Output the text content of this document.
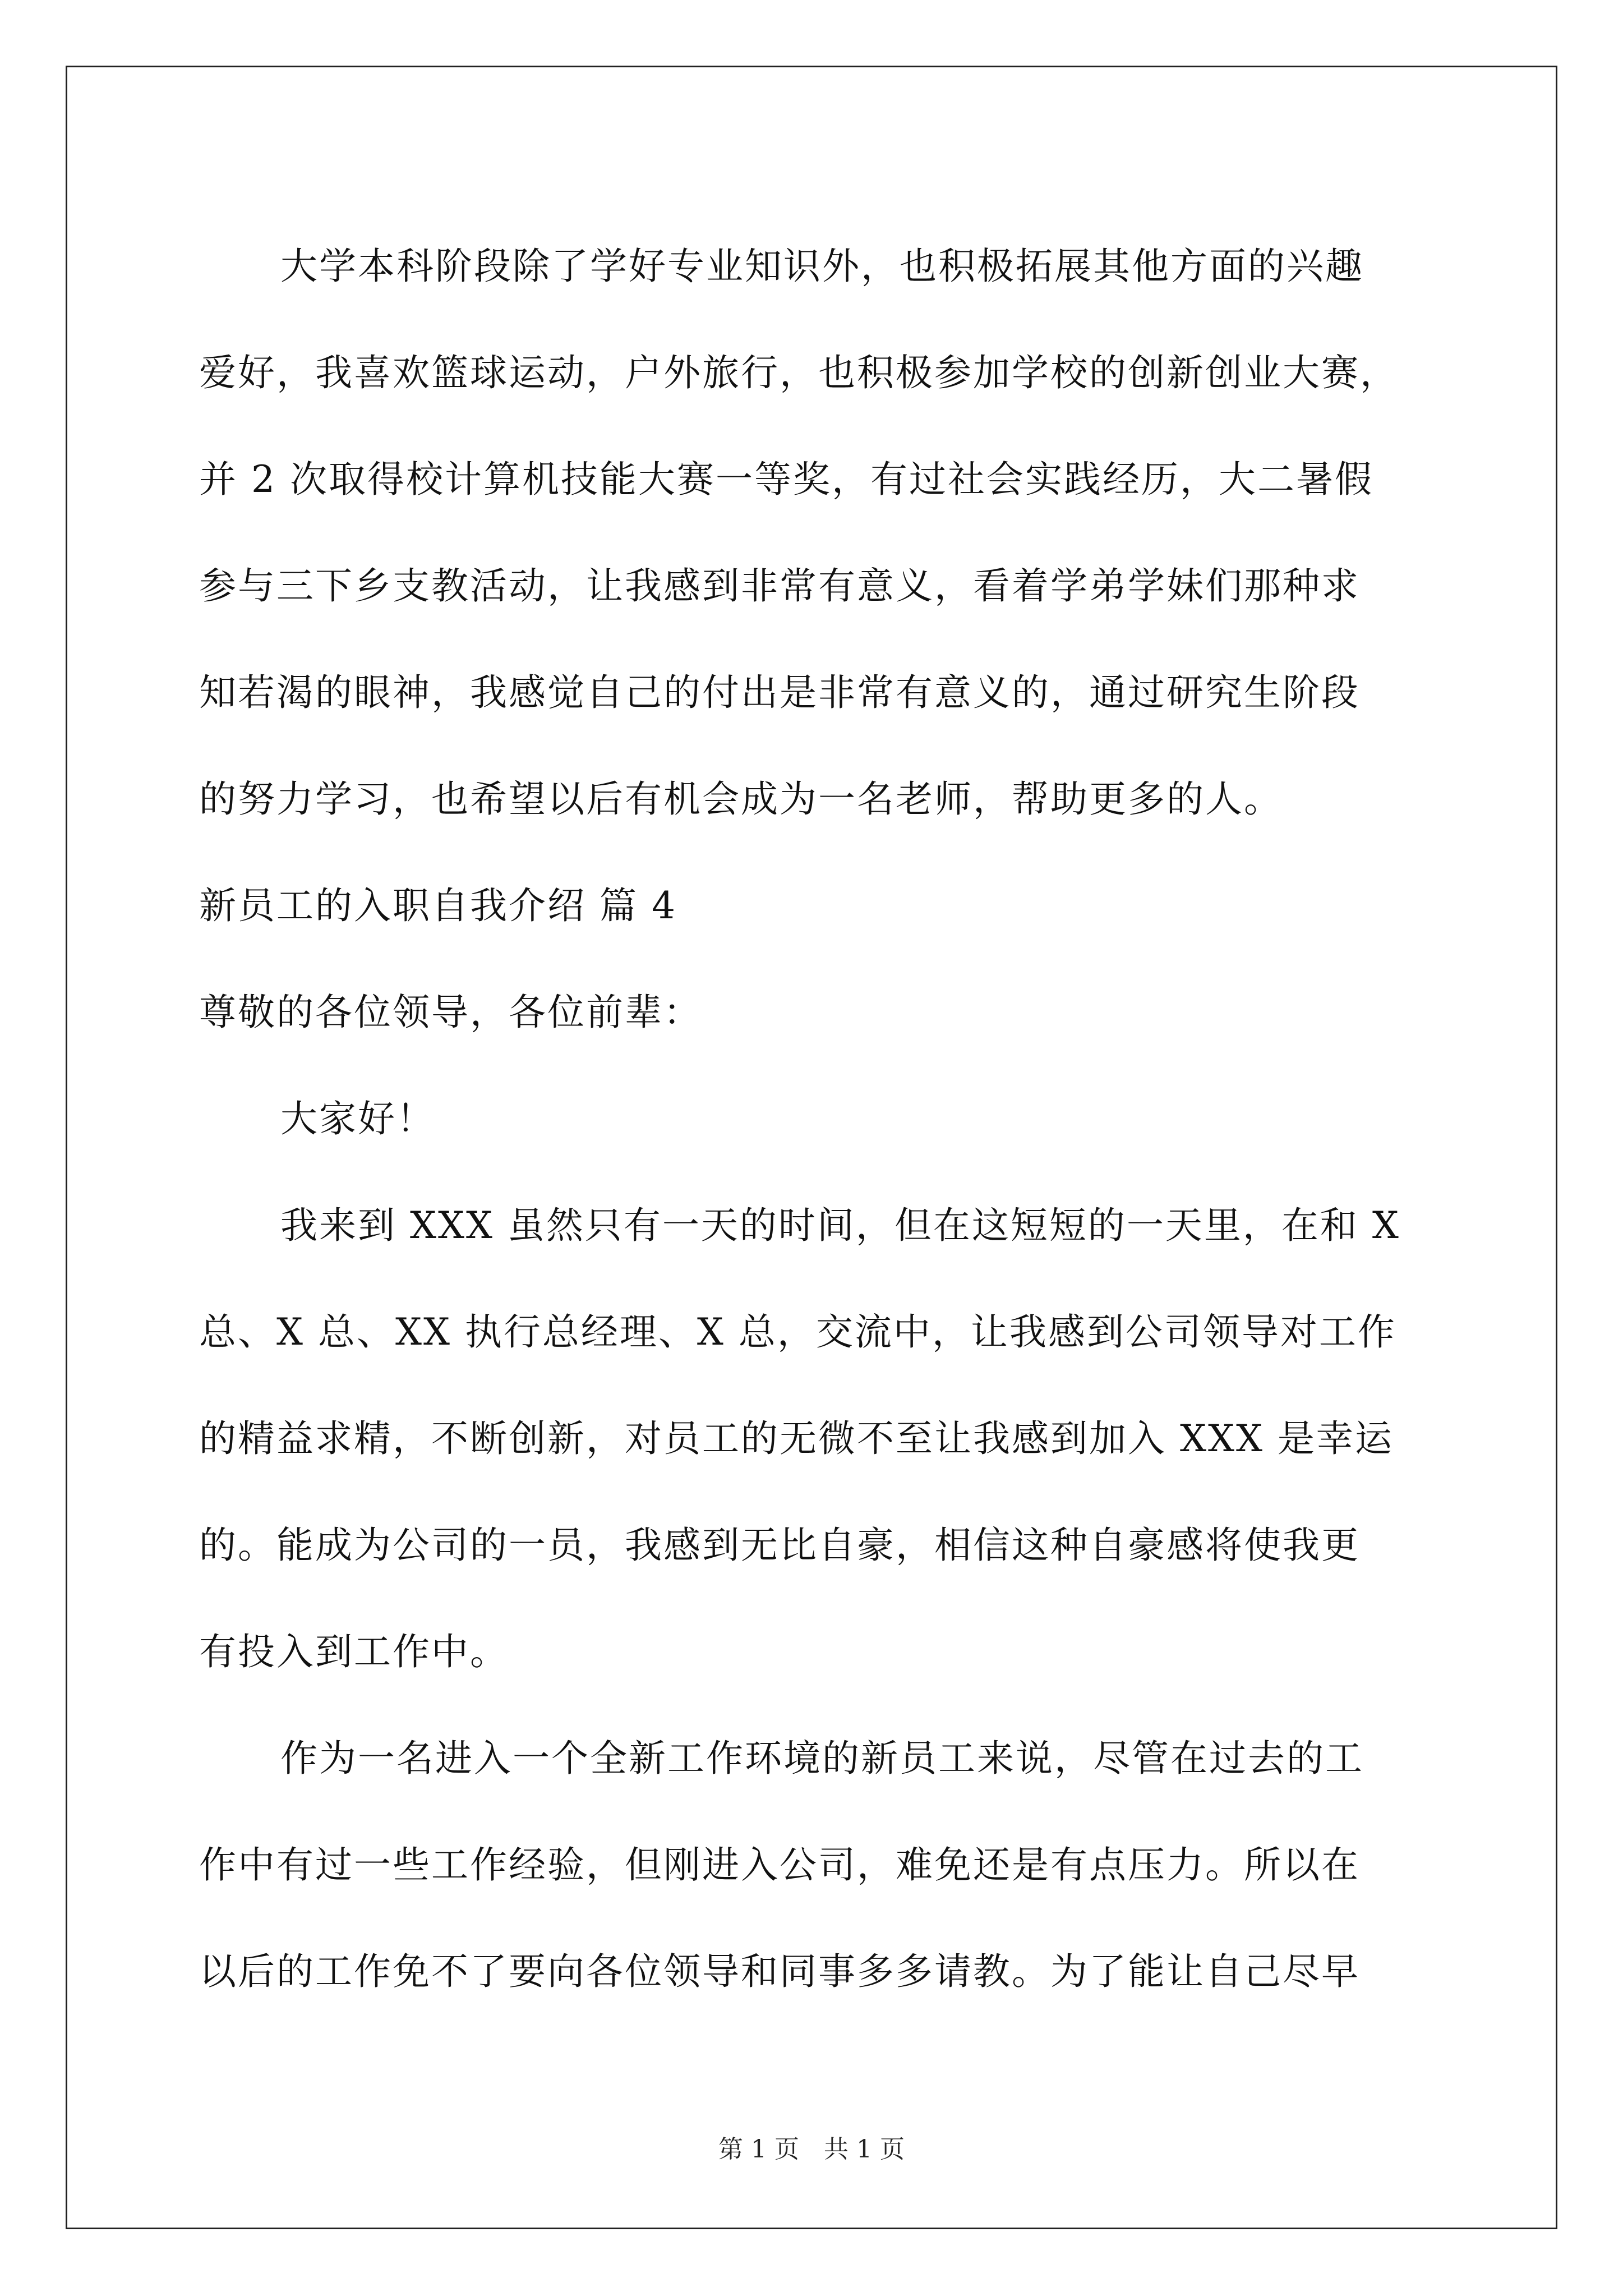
大学本科阶段除了学好专业知识外，也积极拓展其他方面的兴趣
爱好，我喜欢篮球运动，户外旅行，也积极参加学校的创新创业大赛，
并 2 次取得校计算机技能大赛一等奖，有过社会实践经历，大二暑假
参与三下乡支教活动，让我感到非常有意义，看着学弟学妹们那种求
知若渴的眼神，我感觉自己的付出是非常有意义的，通过研究生阶段
的努力学习，也希望以后有机会成为一名老师，帮助更多的人。
新员工的入职自我介绍 篇 4
尊敬的各位领导，各位前辈：
大家好！
我来到 XXX 虽然只有一天的时间，但在这短短的一天里，在和 X
总、X 总、XX 执行总经理、X 总，交流中，让我感到公司领导对工作
的精益求精，不断创新，对员工的无微不至让我感到加入 XXX 是幸运
的。能成为公司的一员，我感到无比自豪，相信这种自豪感将使我更
有投入到工作中。
作为一名进入一个全新工作环境的新员工来说，尽管在过去的工
作中有过一些工作经验，但刚进入公司，难免还是有点压力。所以在
以后的工作免不了要向各位领导和同事多多请教。为了能让自己尽早
第 1 页　共 1 页
